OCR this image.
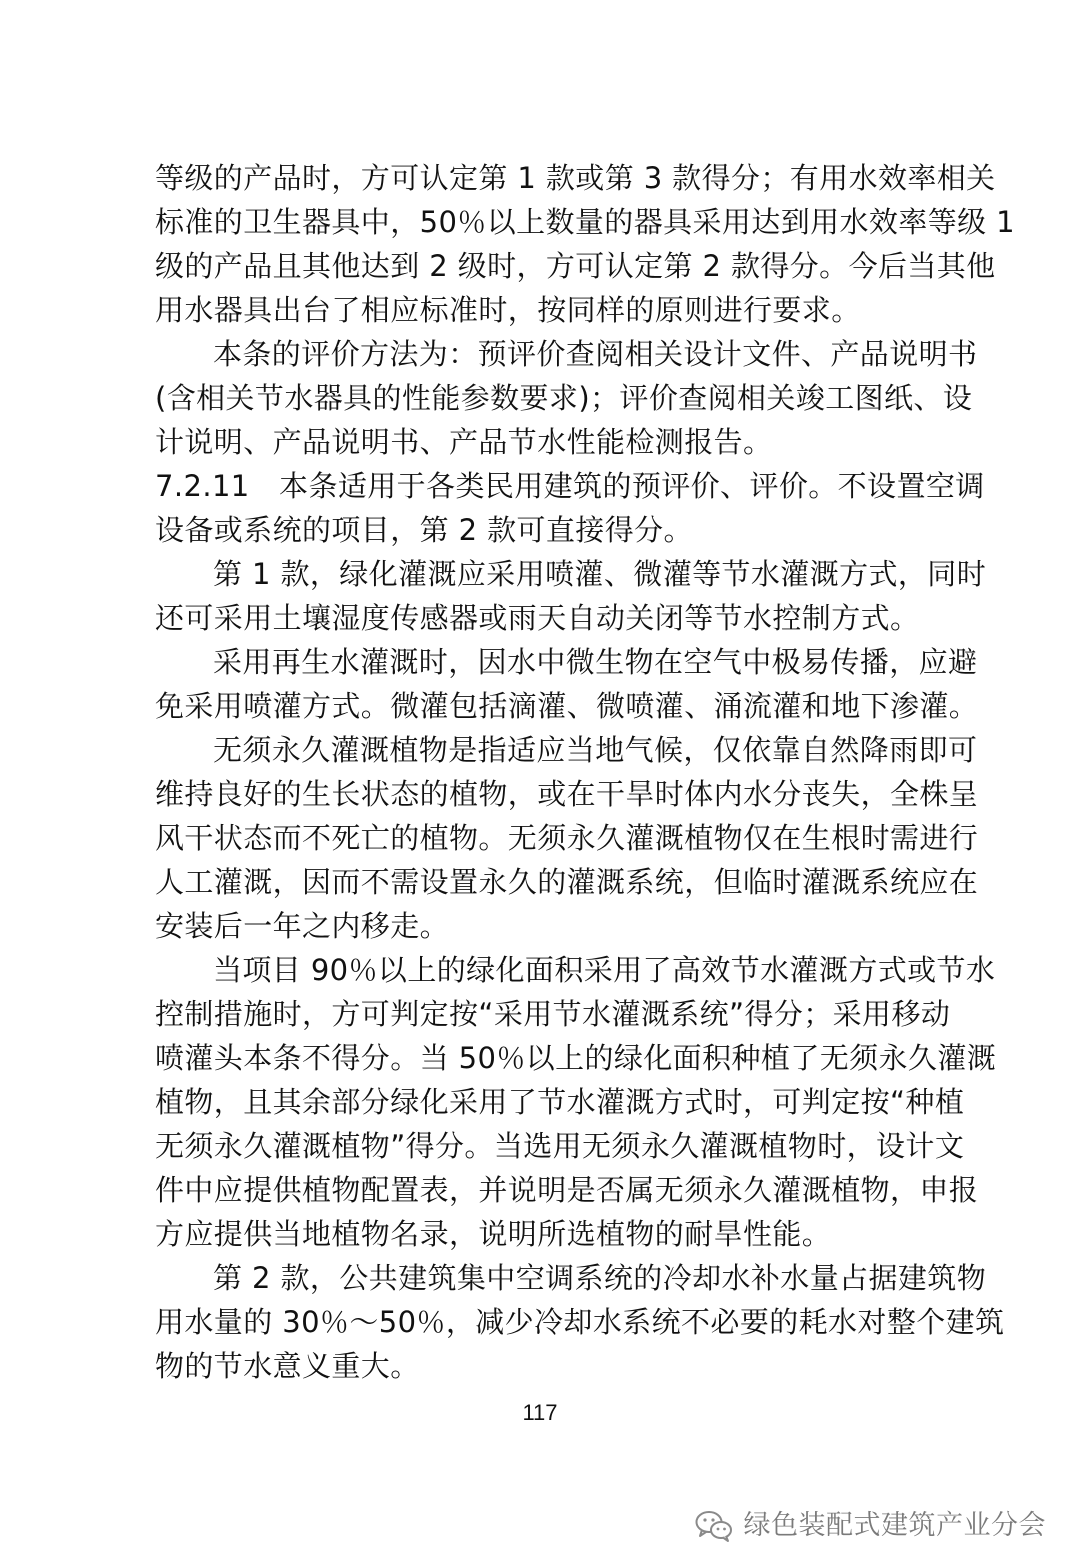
等级的产品时，方可认定第 1 款或第 3 款得分；有用水效率相关
标准的卫生器具中，50％以上数量的器具采用达到用水效率等级 1
级的产品且其他达到 2 级时，方可认定第 2 款得分。今后当其他
用水器具出台了相应标准时，按同样的原则进行要求。
本条的评价方法为：预评价查阅相关设计文件、产品说明书
(含相关节水器具的性能参数要求)；评价查阅相关竣工图纸、设
计说明、产品说明书、产品节水性能检测报告。
7.2.11　本条适用于各类民用建筑的预评价、评价。不设置空调
设备或系统的项目，第 2 款可直接得分。
第 1 款，绿化灌溉应采用喷灌、微灌等节水灌溉方式，同时
还可采用土壤湿度传感器或雨天自动关闭等节水控制方式。
采用再生水灌溉时，因水中微生物在空气中极易传播，应避
免采用喷灌方式。微灌包括滴灌、微喷灌、涌流灌和地下渗灌。
无须永久灌溉植物是指适应当地气候，仅依靠自然降雨即可
维持良好的生长状态的植物，或在干旱时体内水分丧失，全株呈
风干状态而不死亡的植物。无须永久灌溉植物仅在生根时需进行
人工灌溉，因而不需设置永久的灌溉系统，但临时灌溉系统应在
安装后一年之内移走。
当项目 90％以上的绿化面积采用了高效节水灌溉方式或节水
控制措施时，方可判定按“采用节水灌溉系统”得分；采用移动
喷灌头本条不得分。当 50％以上的绿化面积种植了无须永久灌溉
植物，且其余部分绿化采用了节水灌溉方式时，可判定按“种植
无须永久灌溉植物”得分。当选用无须永久灌溉植物时，设计文
件中应提供植物配置表，并说明是否属无须永久灌溉植物，申报
方应提供当地植物名录，说明所选植物的耐旱性能。
第 2 款，公共建筑集中空调系统的冷却水补水量占据建筑物
用水量的 30％～50％，减少冷却水系统不必要的耗水对整个建筑
物的节水意义重大。
117
绿色装配式建筑产业分会
